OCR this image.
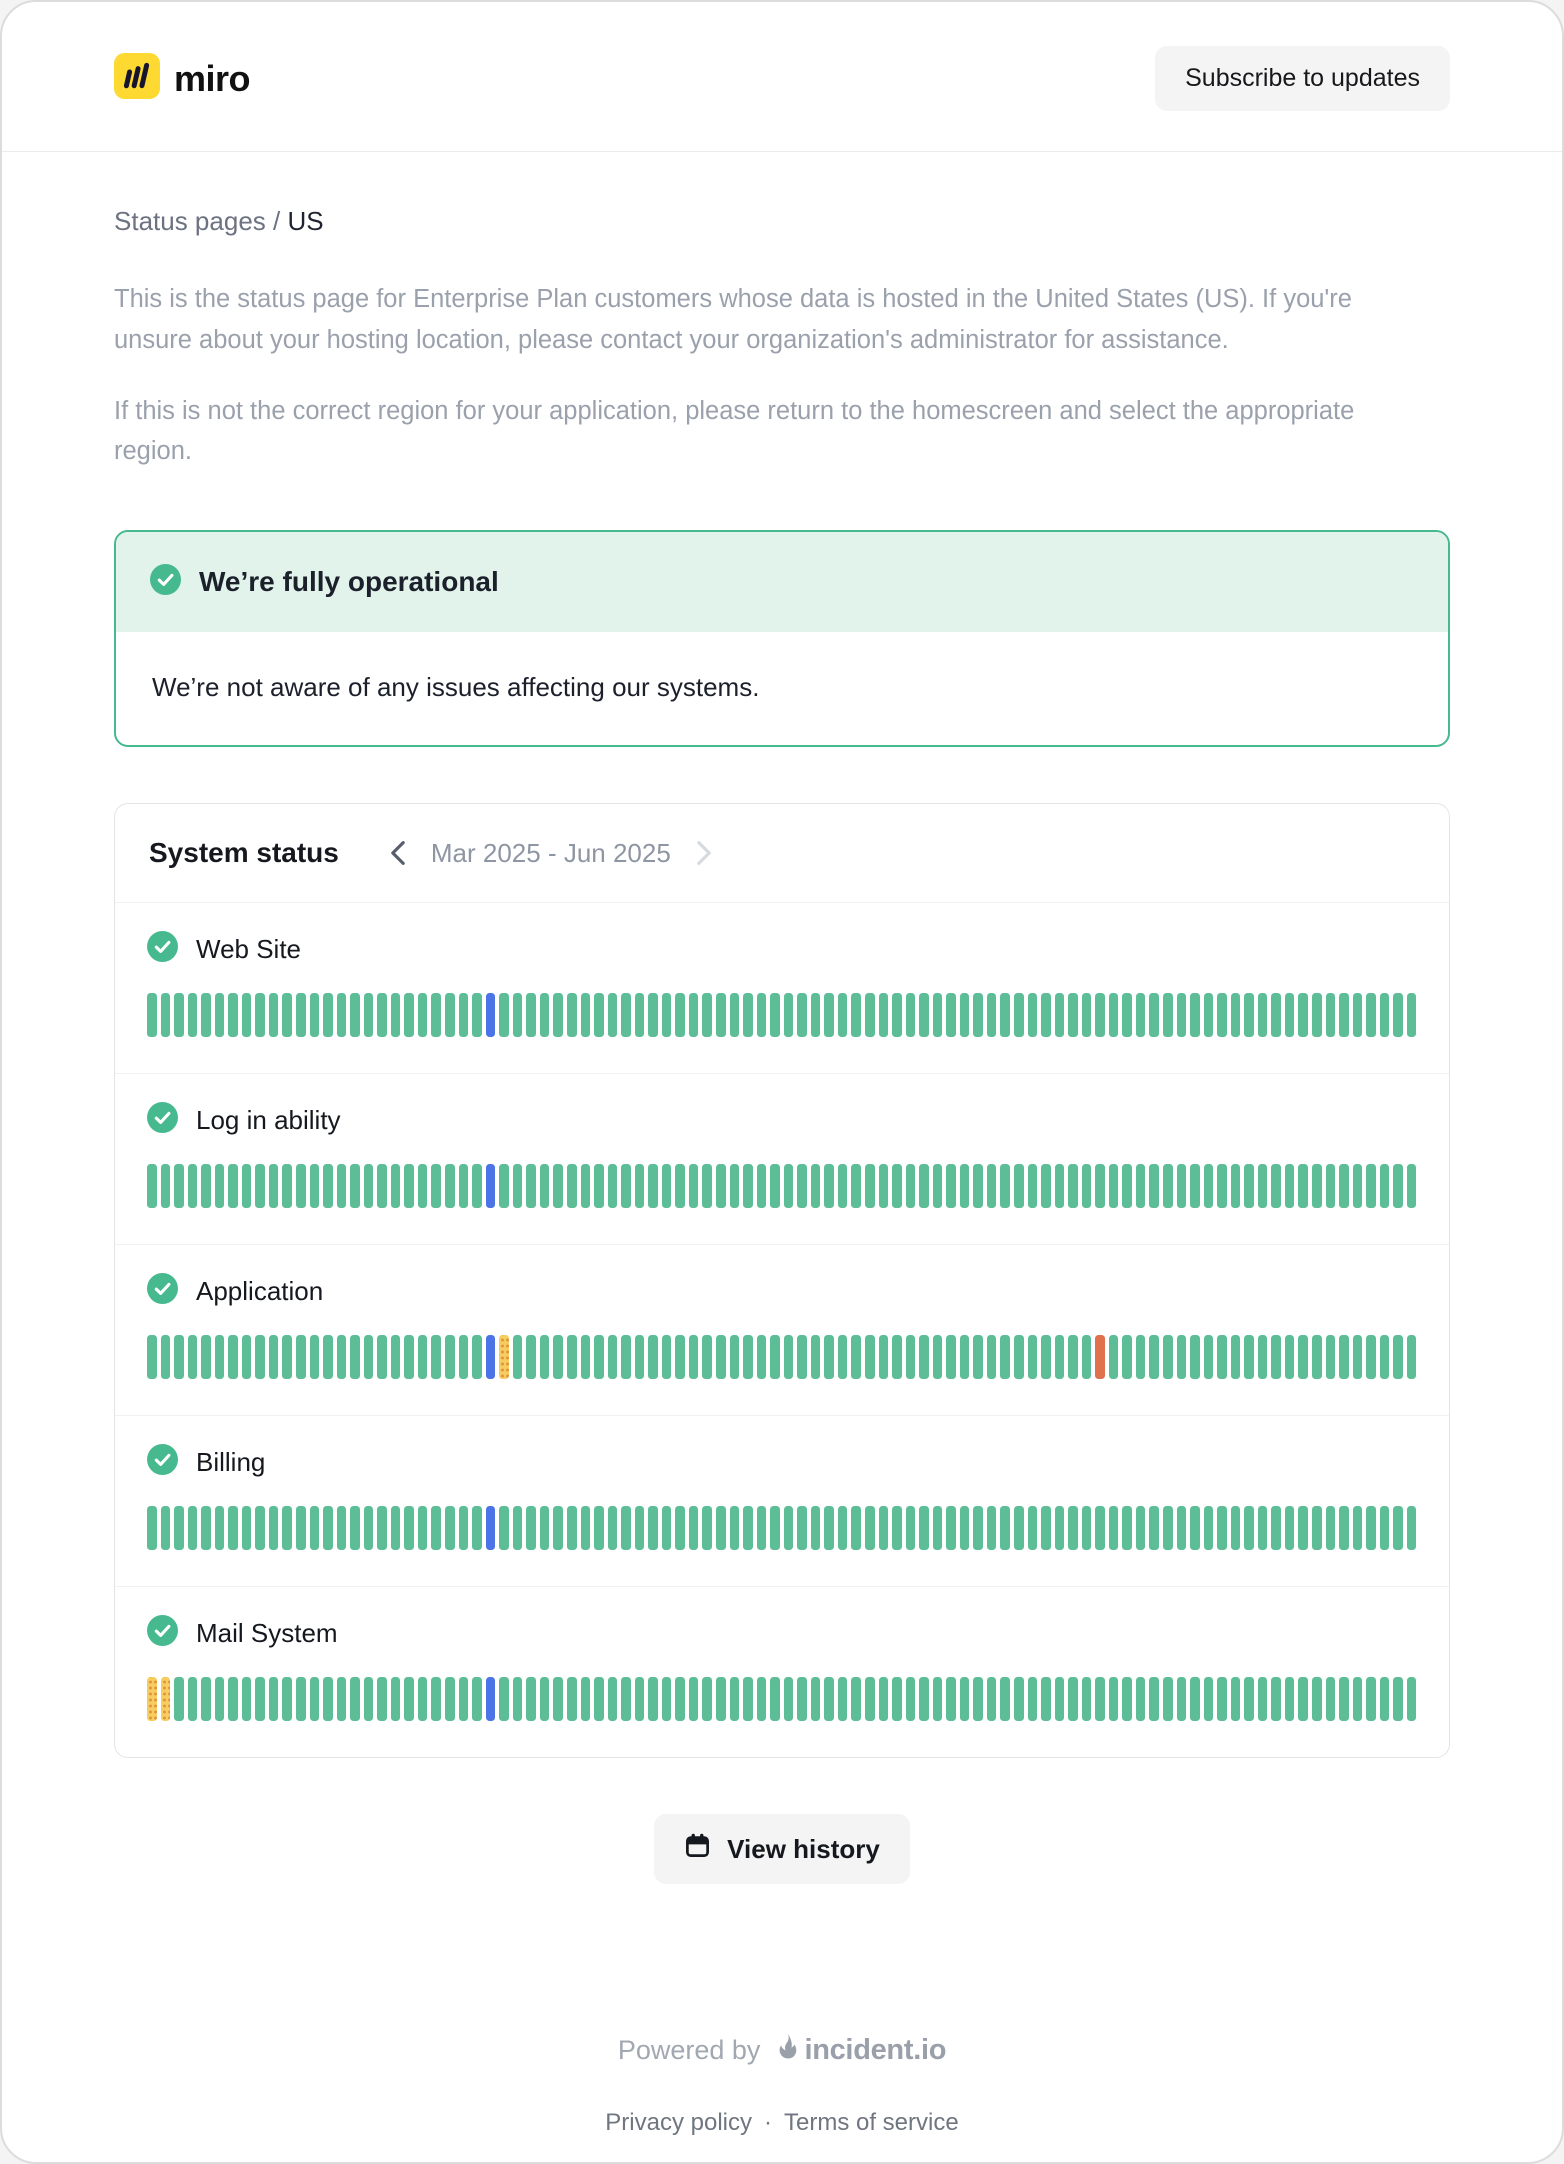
miro	Subscribe to updates
Status pages / US

This is the status page for Enterprise Plan customers whose data is hosted in the United States (US). If you're unsure about your hosting location, please contact your organization's administrator for assistance.

If this is not the correct region for your application, please return to the homescreen and select the appropriate region.

We’re fully operational
We’re not aware of any issues affecting our systems.
System status	Mar 2025 - Jun 2025
Web Site
Log in ability
Application
Billing
Mail System
View history
Powered by incident.io
Privacy policy · Terms of service
